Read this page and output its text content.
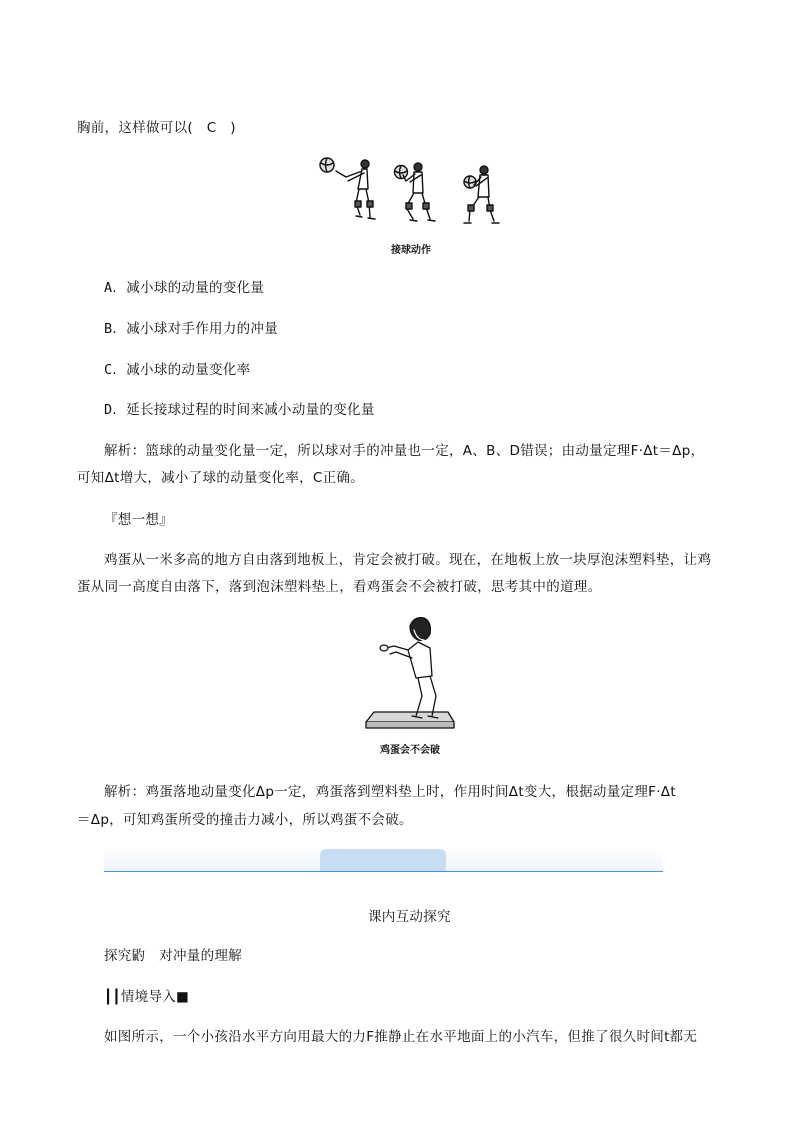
胸前，这样做可以(　C　)
接球动作
A．减小球的动量的变化量
B．减小球对手作用力的冲量
C．减小球的动量变化率
D．延长接球过程的时间来减小动量的变化量
解析：篮球的动量变化量一定，所以球对手的冲量也一定，A、B、D错误；由动量定理F·Δt＝Δp，
可知Δt增大，减小了球的动量变化率，C正确。
『想一想』
鸡蛋从一米多高的地方自由落到地板上，肯定会被打破。现在，在地板上放一块厚泡沫塑料垫，让鸡
蛋从同一高度自由落下，落到泡沫塑料垫上，看鸡蛋会不会被打破，思考其中的道理。
鸡蛋会不会破
解析：鸡蛋落地动量变化Δp一定，鸡蛋落到塑料垫上时，作用时间Δt变大，根据动量定理F·Δt
＝Δp，可知鸡蛋所受的撞击力减小，所以鸡蛋不会破。
课内互动探究
探究䶂　对冲量的理解
┃┃情境导入■
如图所示，一个小孩沿水平方向用最大的力F推静止在水平地面上的小汽车，但推了很久时间t都无
